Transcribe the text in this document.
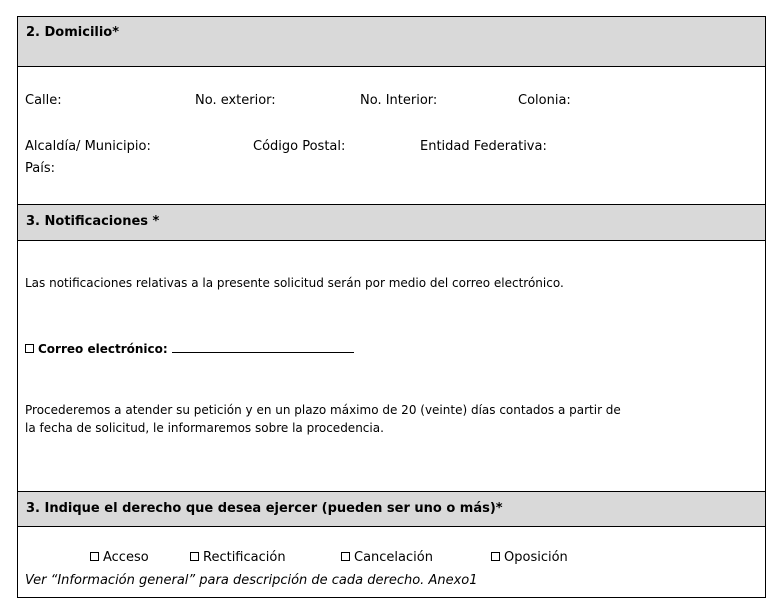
2. Domicilio*
Calle:	No. exterior:	No. Interior:	Colonia:
Alcaldía/ Municipio:	Código Postal:	Entidad Federativa:
País:
3. Notificaciones *
Las notificaciones relativas a la presente solicitud serán por medio del correo electrónico.
Correo electrónico:
Procederemos a atender su petición y en un plazo máximo de 20 (veinte) días contados a partir de
la fecha de solicitud, le informaremos sobre la procedencia.
3. Indique el derecho que desea ejercer (pueden ser uno o más)*
Acceso	Rectificación	Cancelación	Oposición
Ver “Información general” para descripción de cada derecho. Anexo1
